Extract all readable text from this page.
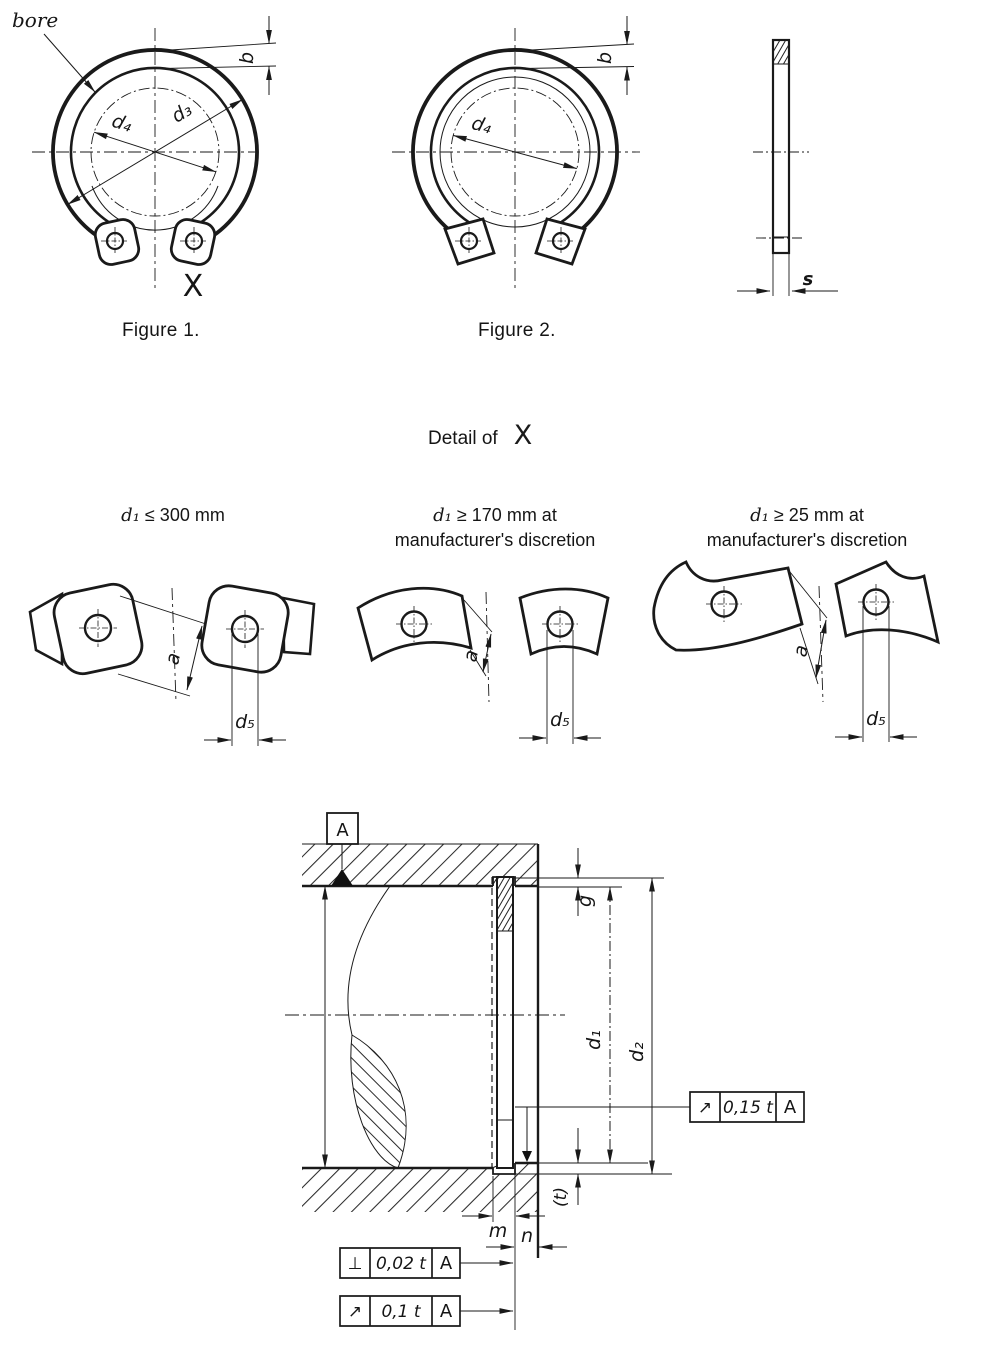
bore
d₄ d₃
b
X
d₄
b
s
Figure 1.	Figure 2.
Detail of X
d₁ ≤ 300 mm	d₁ ≥ 170 mm at
manufacturer's discretion
d₁ ≥ 25 mm at
manufacturer's discretion
a
d₅
a
d₅
a
d₅
A
g
d₁
d₂
(t)
m n
↗ 0,15 t A
⊥ 0,02 t A
↗ 0,1 t A
